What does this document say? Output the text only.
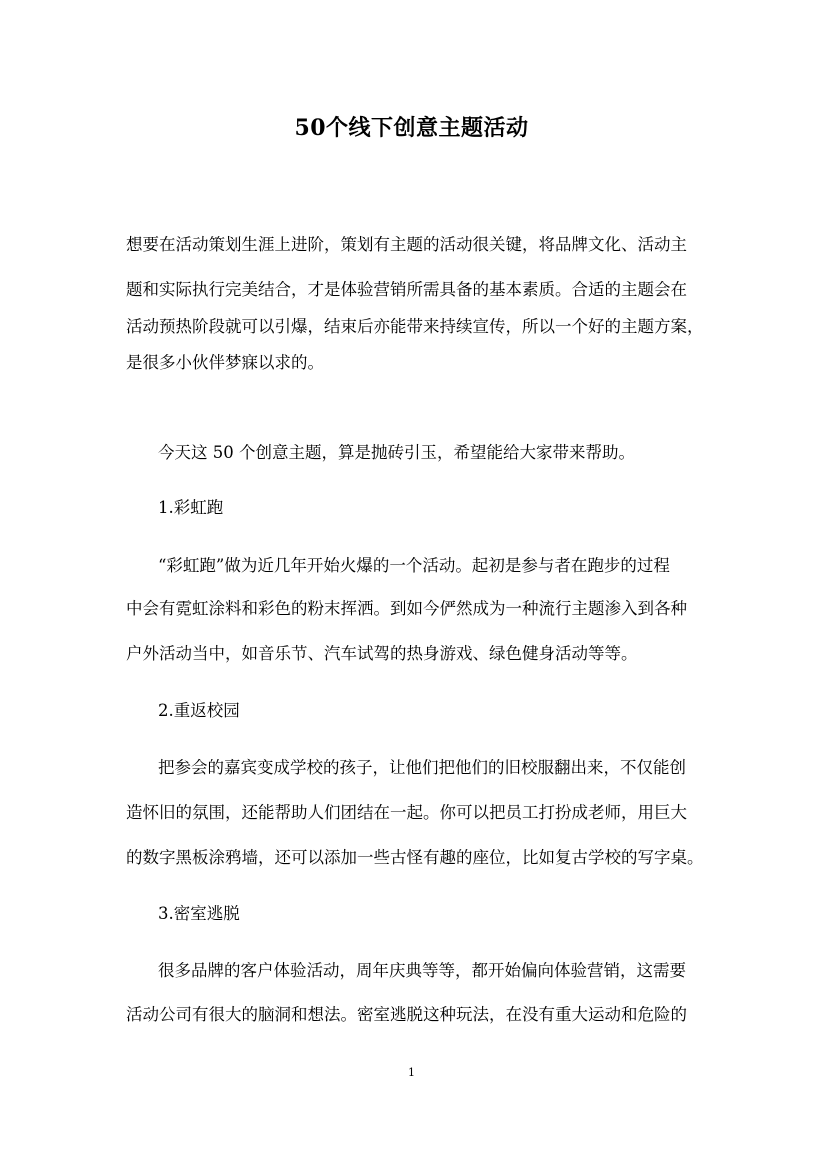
50个线下创意主题活动

想要在活动策划生涯上进阶，策划有主题的活动很关键，将品牌文化、活动主

题和实际执行完美结合，才是体验营销所需具备的基本素质。合适的主题会在

活动预热阶段就可以引爆，结束后亦能带来持续宣传，所以一个好的主题方案，

是很多小伙伴梦寐以求的。

今天这 50 个创意主题，算是抛砖引玉，希望能给大家带来帮助。

1.彩虹跑

“彩虹跑”做为近几年开始火爆的一个活动。起初是参与者在跑步的过程

中会有霓虹涂料和彩色的粉末挥洒。到如今俨然成为一种流行主题渗入到各种

户外活动当中，如音乐节、汽车试驾的热身游戏、绿色健身活动等等。

2.重返校园

把参会的嘉宾变成学校的孩子，让他们把他们的旧校服翻出来，不仅能创

造怀旧的氛围，还能帮助人们团结在一起。你可以把员工打扮成老师，用巨大

的数字黑板涂鸦墙，还可以添加一些古怪有趣的座位，比如复古学校的写字桌。

3.密室逃脱

很多品牌的客户体验活动，周年庆典等等，都开始偏向体验营销，这需要

活动公司有很大的脑洞和想法。密室逃脱这种玩法，在没有重大运动和危险的

1
